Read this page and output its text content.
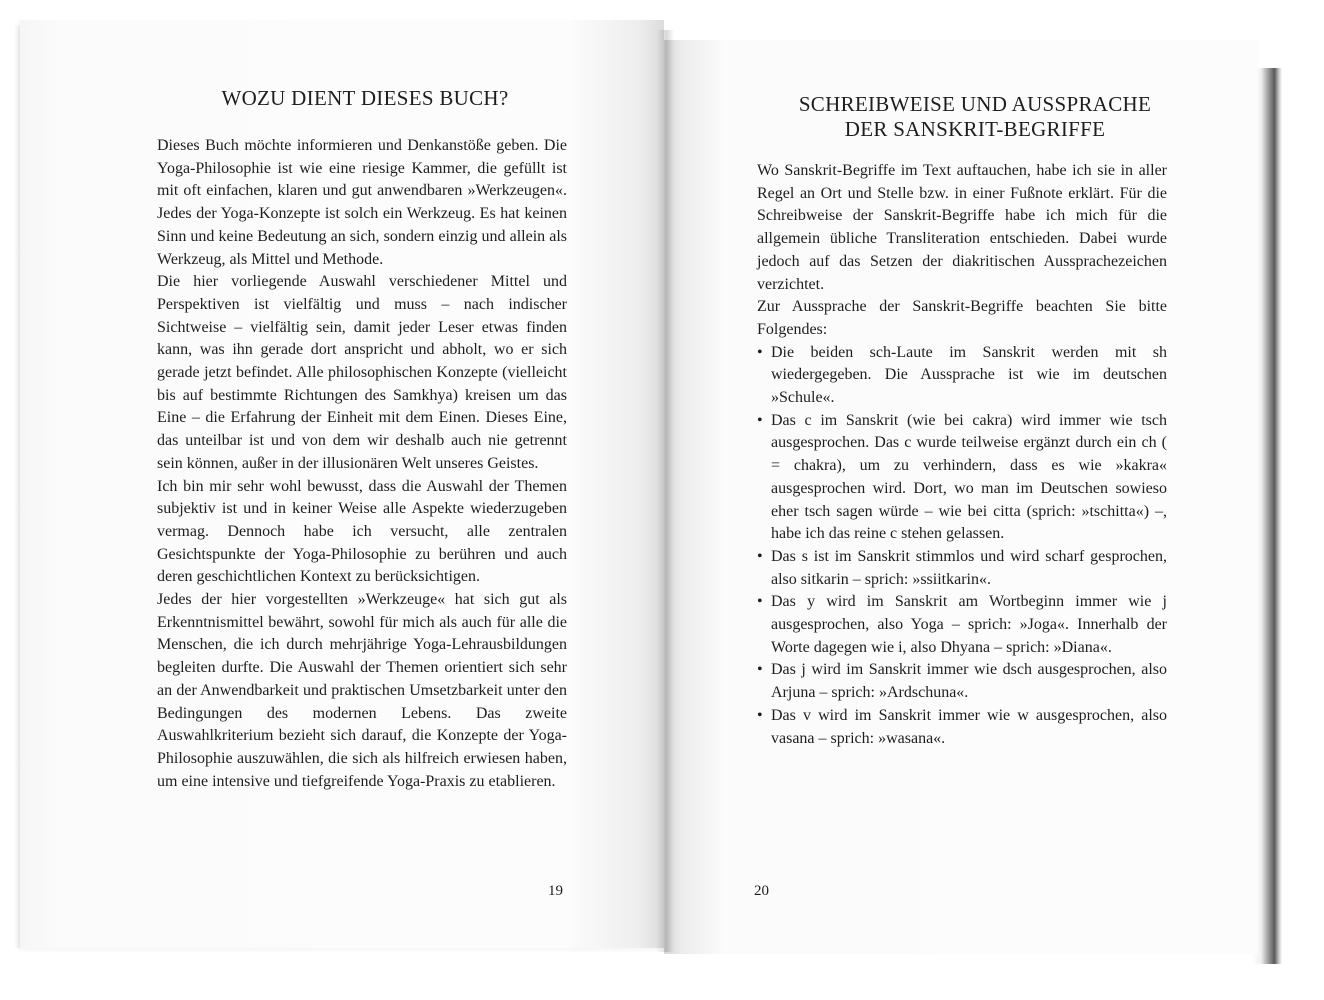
WOZU DIENT DIESES BUCH?

Dieses Buch möchte informieren und Denkanstöße geben. Die Yoga-Philosophie ist wie eine riesige Kammer, die gefüllt ist mit oft einfachen, klaren und gut anwendbaren »Werkzeugen«. Jedes der Yoga-Konzepte ist solch ein Werkzeug. Es hat keinen Sinn und keine Bedeutung an sich, sondern einzig und allein als Werkzeug, als Mittel und Methode.

Die hier vorliegende Auswahl verschiedener Mittel und Perspektiven ist vielfältig und muss – nach indischer Sichtweise – vielfältig sein, damit jeder Leser etwas finden kann, was ihn gerade dort anspricht und abholt, wo er sich gerade jetzt befindet. Alle philosophischen Konzepte (vielleicht bis auf bestimmte Richtungen des Samkhya) kreisen um das Eine – die Erfahrung der Einheit mit dem Einen. Dieses Eine, das unteilbar ist und von dem wir deshalb auch nie getrennt sein können, außer in der illusionären Welt unseres Geistes.

Ich bin mir sehr wohl bewusst, dass die Auswahl der Themen subjektiv ist und in keiner Weise alle Aspekte wiederzugeben vermag. Dennoch habe ich versucht, alle zentralen Gesichtspunkte der Yoga-Philosophie zu berühren und auch deren geschichtlichen Kontext zu berücksichtigen.

Jedes der hier vorgestellten »Werkzeuge« hat sich gut als Erkenntnismittel bewährt, sowohl für mich als auch für alle die Menschen, die ich durch mehrjährige Yoga-Lehrausbildungen begleiten durfte. Die Auswahl der Themen orientiert sich sehr an der Anwendbarkeit und praktischen Umsetzbarkeit unter den Bedingungen des modernen Lebens. Das zweite Auswahlkriterium bezieht sich darauf, die Konzepte der Yoga-Philosophie auszuwählen, die sich als hilfreich erwiesen haben, um eine intensive und tiefgreifende Yoga-Praxis zu etablieren.

19
SCHREIBWEISE UND AUSSPRACHE
DER SANSKRIT-BEGRIFFE

Wo Sanskrit-Begriffe im Text auftauchen, habe ich sie in aller Regel an Ort und Stelle bzw. in einer Fußnote erklärt. Für die Schreibweise der Sanskrit-Begriffe habe ich mich für die allgemein übliche Transliteration entschieden. Dabei wurde jedoch auf das Setzen der diakritischen Aussprachezeichen verzichtet.

Zur Aussprache der Sanskrit-Begriffe beachten Sie bitte Folgendes:

• Die beiden sch-Laute im Sanskrit werden mit sh wiedergegeben. Die Aussprache ist wie im deutschen »Schule«.
• Das c im Sanskrit (wie bei cakra) wird immer wie tsch ausgesprochen. Das c wurde teilweise ergänzt durch ein ch ( = chakra), um zu verhindern, dass es wie »kakra« ausgesprochen wird. Dort, wo man im Deutschen sowieso eher tsch sagen würde – wie bei citta (sprich: »tschitta«) –, habe ich das reine c stehen gelassen.
• Das s ist im Sanskrit stimmlos und wird scharf gesprochen, also sitkarin – sprich: »ssiitkarin«.
• Das y wird im Sanskrit am Wortbeginn immer wie j ausgesprochen, also Yoga – sprich: »Joga«. Innerhalb der Worte dagegen wie i, also Dhyana – sprich: »Diana«.
• Das j wird im Sanskrit immer wie dsch ausgesprochen, also Arjuna – sprich: »Ardschuna«.
• Das v wird im Sanskrit immer wie w ausgesprochen, also vasana – sprich: »wasana«.
20
